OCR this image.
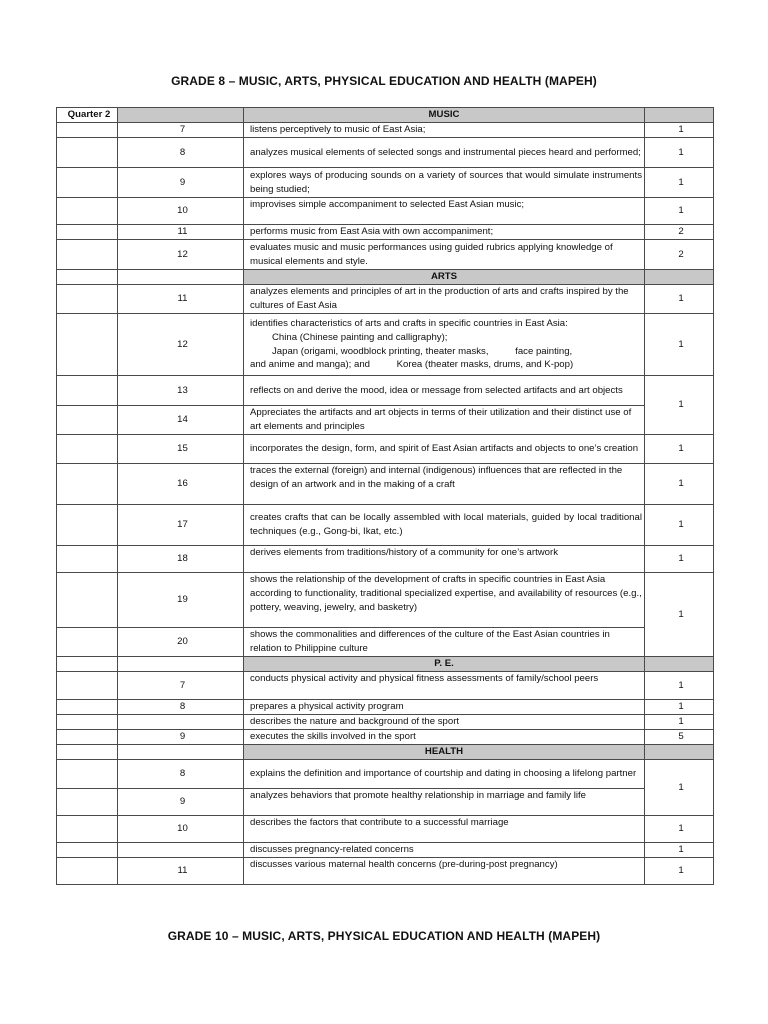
GRADE 8 – MUSIC, ARTS, PHYSICAL EDUCATION AND HEALTH (MAPEH)
Quarter 2		MUSIC	
	7	listens perceptively to music of East Asia;	1
	8	analyzes musical elements of selected songs and instrumental pieces heard and performed;	1
	9	explores ways of producing sounds on a variety of sources that would simulate instruments being studied;	1
	10	improvises simple accompaniment to selected East Asian music;	1
	11	performs music from East Asia with own accompaniment;	2
	12	evaluates music and music performances using guided rubrics applying knowledge of musical elements and style.	2
		ARTS	
	11	analyzes elements and principles of art in the production of arts and crafts inspired by the cultures of East Asia	1
	12	identifies characteristics of arts and crafts in specific countries in East Asia:
China (Chinese painting and calligraphy);
Japan (origami, woodblock printing, theater masks,          face painting,
and anime and manga); and          Korea (theater masks, drums, and K-pop)	1
	13	reflects on and derive the mood, idea or message from selected artifacts and art objects	1
	14	Appreciates the artifacts and art objects in terms of their utilization and their distinct use of art elements and principles	
	15	incorporates the design, form, and spirit of East Asian artifacts and objects to one’s creation	1
	16	traces the external (foreign) and internal (indigenous) influences that are reflected in the design of an artwork and in the making of a craft	1
	17	creates crafts that can be locally assembled with local materials, guided by local traditional techniques (e.g., Gong-bi, Ikat, etc.)	1
	18	derives elements from traditions/history of a community for one’s artwork	1
	19	shows the relationship of the development of crafts in specific countries in East Asia according to functionality, traditional specialized expertise, and availability of resources (e.g., pottery, weaving, jewelry, and basketry)	1
	20	shows the commonalities and differences of the culture of the East Asian countries in relation to Philippine culture	
		P. E.	
	7	conducts physical activity and physical fitness assessments of family/school peers	1
	8	prepares a physical activity program	1
		describes the nature and background of the sport	1
	9	executes the skills involved in the sport	5
		HEALTH	
	8	explains the definition and importance of courtship and dating in choosing a lifelong partner	1
	9	analyzes behaviors that promote healthy relationship in marriage and family life	
	10	describes the factors that contribute to a successful marriage	1
		discusses pregnancy-related concerns	1
	11	discusses various maternal health concerns (pre-during-post pregnancy)	1
GRADE 10 – MUSIC, ARTS, PHYSICAL EDUCATION AND HEALTH (MAPEH)
